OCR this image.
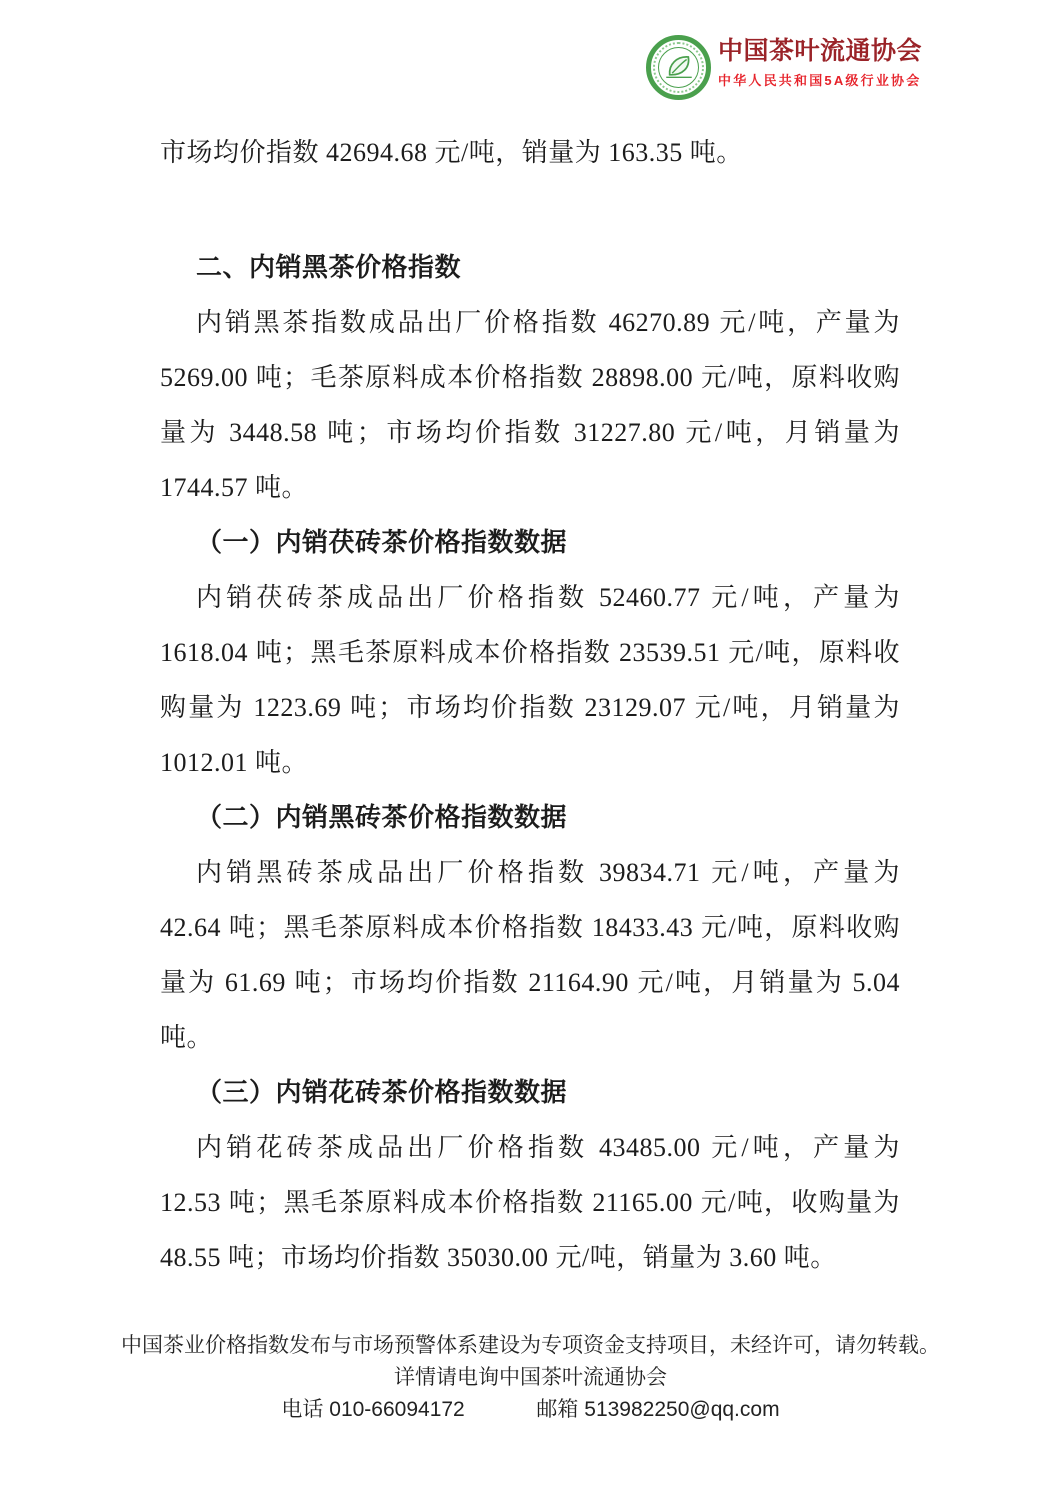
中国茶叶流通协会
中华人民共和国5A级行业协会
市场均价指数 42694.68 元/吨，销量为 163.35 吨。
二、内销黑茶价格指数
内销黑茶指数成品出厂价格指数 46270.89 元/吨，产量为
5269.00 吨；毛茶原料成本价格指数 28898.00 元/吨，原料收购
量为 3448.58 吨；市场均价指数 31227.80 元/吨，月销量为
1744.57 吨。
（一）内销茯砖茶价格指数数据
内销茯砖茶成品出厂价格指数 52460.77 元/吨，产量为
1618.04 吨；黑毛茶原料成本价格指数 23539.51 元/吨，原料收
购量为 1223.69 吨；市场均价指数 23129.07 元/吨，月销量为
1012.01 吨。
（二）内销黑砖茶价格指数数据
内销黑砖茶成品出厂价格指数 39834.71 元/吨，产量为
42.64 吨；黑毛茶原料成本价格指数 18433.43 元/吨，原料收购
量为 61.69 吨；市场均价指数 21164.90 元/吨，月销量为 5.04
吨。
（三）内销花砖茶价格指数数据
内销花砖茶成品出厂价格指数 43485.00 元/吨，产量为
12.53 吨；黑毛茶原料成本价格指数 21165.00 元/吨，收购量为
48.55 吨；市场均价指数 35030.00 元/吨，销量为 3.60 吨。
中国茶业价格指数发布与市场预警体系建设为专项资金支持项目，未经许可，请勿转载。
详情请电询中国茶叶流通协会
电话 010-66094172	邮箱 513982250@qq.com
